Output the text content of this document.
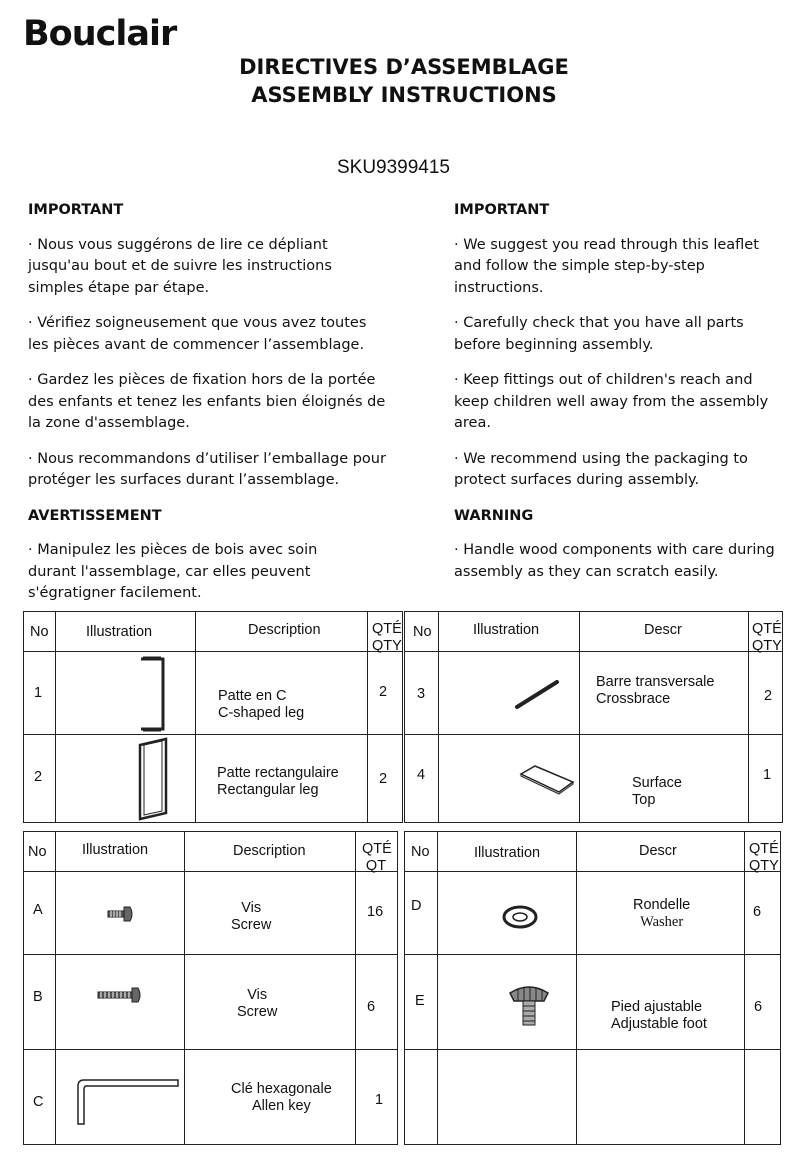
Bouclair
DIRECTIVES D’ASSEMBLAGE
ASSEMBLY INSTRUCTIONS
SKU9399415
IMPORTANT

· Nous vous suggérons de lire ce dépliant jusqu'au bout et de suivre les instructions simples étape par étape.

· Vérifiez soigneusement que vous avez toutes les pièces avant de commencer l’assemblage.

· Gardez les pièces de fixation hors de la portée des enfants et tenez les enfants bien éloignés de la zone d'assemblage.

· Nous recommandons d’utiliser l’emballage pour protéger les surfaces durant l’assemblage.

AVERTISSEMENT

· Manipulez les pièces de bois avec soin durant l'assemblage, car elles peuvent s'égratigner facilement.

IMPORTANT

· We suggest you read through this leaflet and follow the simple step-by-step instructions.

· Carefully check that you have all parts before beginning assembly.

· Keep fittings out of children's reach and keep children well away from the assembly area.

· We recommend using the packaging to protect surfaces during assembly.

WARNING

· Handle wood components with care during assembly as they can scratch easily.

No	Illustration	Description	QTÉ
QTY

1		Patte en C
C-shaped leg	2

2		Patte rectangulaire
Rectangular leg	2
No	Illustration	Descr	QTÉ
QTY

3		Barre transversale
Crossbrace	2

4		Surface
Top	1
No	Illustration	Description	QTÉ
QT

A		Vis
Screw	16

B		Vis
Screw	6

C		Clé hexagonale
Allen key	1
No	Illustration	Descr	QTÉ
QTY

D		Rondelle
Washer	6

E		Pied ajustable
Adjustable foot	6
